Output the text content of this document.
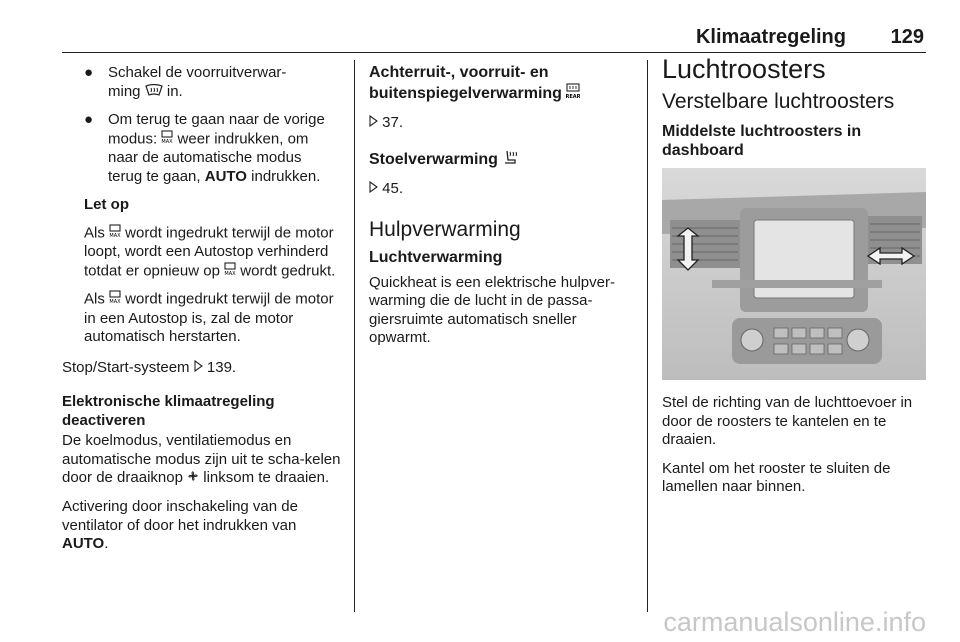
Klimaatregeling 129
● Schakel de voorruitverwar-
ming  in.
● Om terug te gaan naar de vorige
modus: MAX weer indrukken, om
naar de automatische modus
terug te gaan, AUTO indrukken.

Let op

Als MAX wordt ingedrukt terwijl de motor loopt, wordt een Autostop verhinderd totdat er opnieuw op MAX wordt gedrukt.

Als MAX wordt ingedrukt terwijl de motor in een Autostop is, zal de motor automatisch herstarten.

Stop/Start-systeem  139.

Elektronische klimaatregeling
deactiveren

De koelmodus, ventilatiemodus en automatische modus zijn uit te scha-kelen door de draaiknop  linksom te draaien.

Activering door inschakeling van de ventilator of door het indrukken van AUTO.

Achterruit-, voorruit- en
buitenspiegelverwarming REAR

37.

Stoelverwarming

45.

Hulpverwarming

Luchtverwarming

Quickheat is een elektrische hulpver-warming die de lucht in de passa-giersruimte automatisch sneller opwarmt.

Luchtroosters

Verstelbare luchtroosters

Middelste luchtroosters in
dashboard

Stel de richting van de luchttoevoer in door de roosters te kantelen en te draaien.

Kantel om het rooster te sluiten de lamellen naar binnen.

carmanualsonline.info
